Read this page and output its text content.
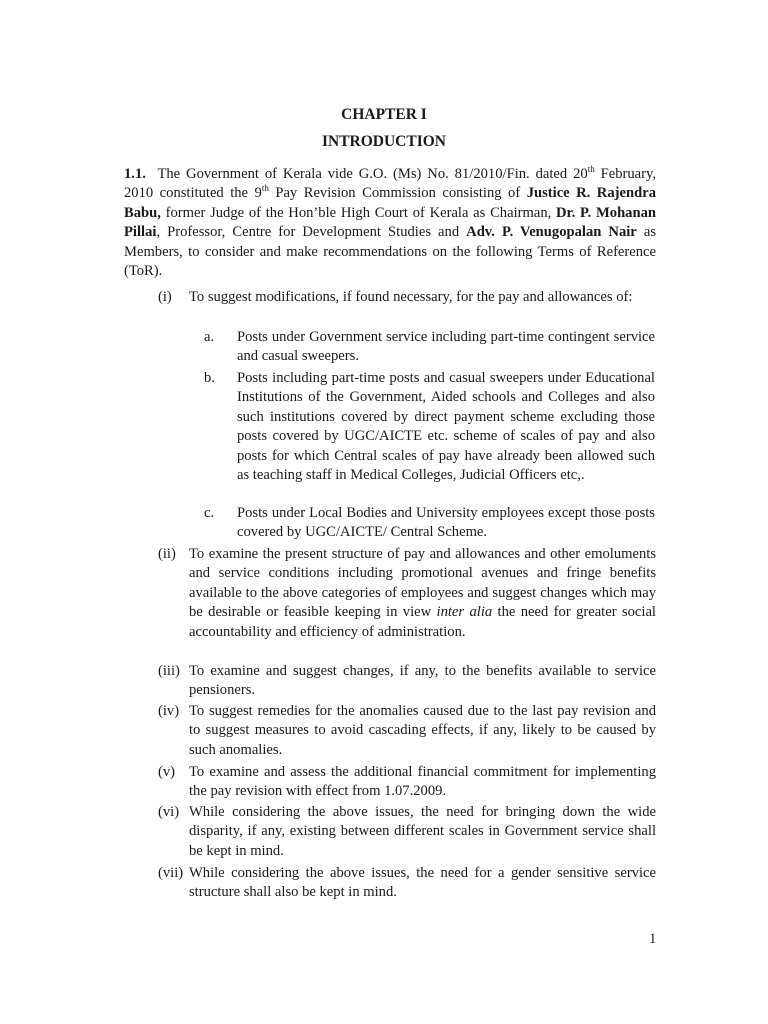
CHAPTER I
INTRODUCTION

1.1. The Government of Kerala vide G.O. (Ms) No. 81/2010/Fin. dated 20th February, 2010 constituted the 9th Pay Revision Commission consisting of Justice R. Rajendra Babu, former Judge of the Hon’ble High Court of Kerala as Chairman, Dr. P. Mohanan Pillai, Professor, Centre for Development Studies and Adv. P. Venugopalan Nair as Members, to consider and make recommendations on the following Terms of Reference (ToR).

(i) To suggest modifications, if found necessary, for the pay and allowances of:
a. Posts under Government service including part-time contingent service and casual sweepers.
b. Posts including part-time posts and casual sweepers under Educational Institutions of the Government, Aided schools and Colleges and also such institutions covered by direct payment scheme excluding those posts covered by UGC/AICTE etc. scheme of scales of pay and also posts for which Central scales of pay have already been allowed such as teaching staff in Medical Colleges, Judicial Officers etc,.
c. Posts under Local Bodies and University employees except those posts covered by UGC/AICTE/ Central Scheme.
(ii) To examine the present structure of pay and allowances and other emoluments and service conditions including promotional avenues and fringe benefits available to the above categories of employees and suggest changes which may be desirable or feasible keeping in view inter alia the need for greater social accountability and efficiency of administration.
(iii) To examine and suggest changes, if any, to the benefits available to service pensioners.
(iv) To suggest remedies for the anomalies caused due to the last pay revision and to suggest measures to avoid cascading effects, if any, likely to be caused by such anomalies.
(v) To examine and assess the additional financial commitment for implementing the pay revision with effect from 1.07.2009.
(vi) While considering the above issues, the need for bringing down the wide disparity, if any, existing between different scales in Government service shall be kept in mind.
(vii) While considering the above issues, the need for a gender sensitive service structure shall also be kept in mind.
1
